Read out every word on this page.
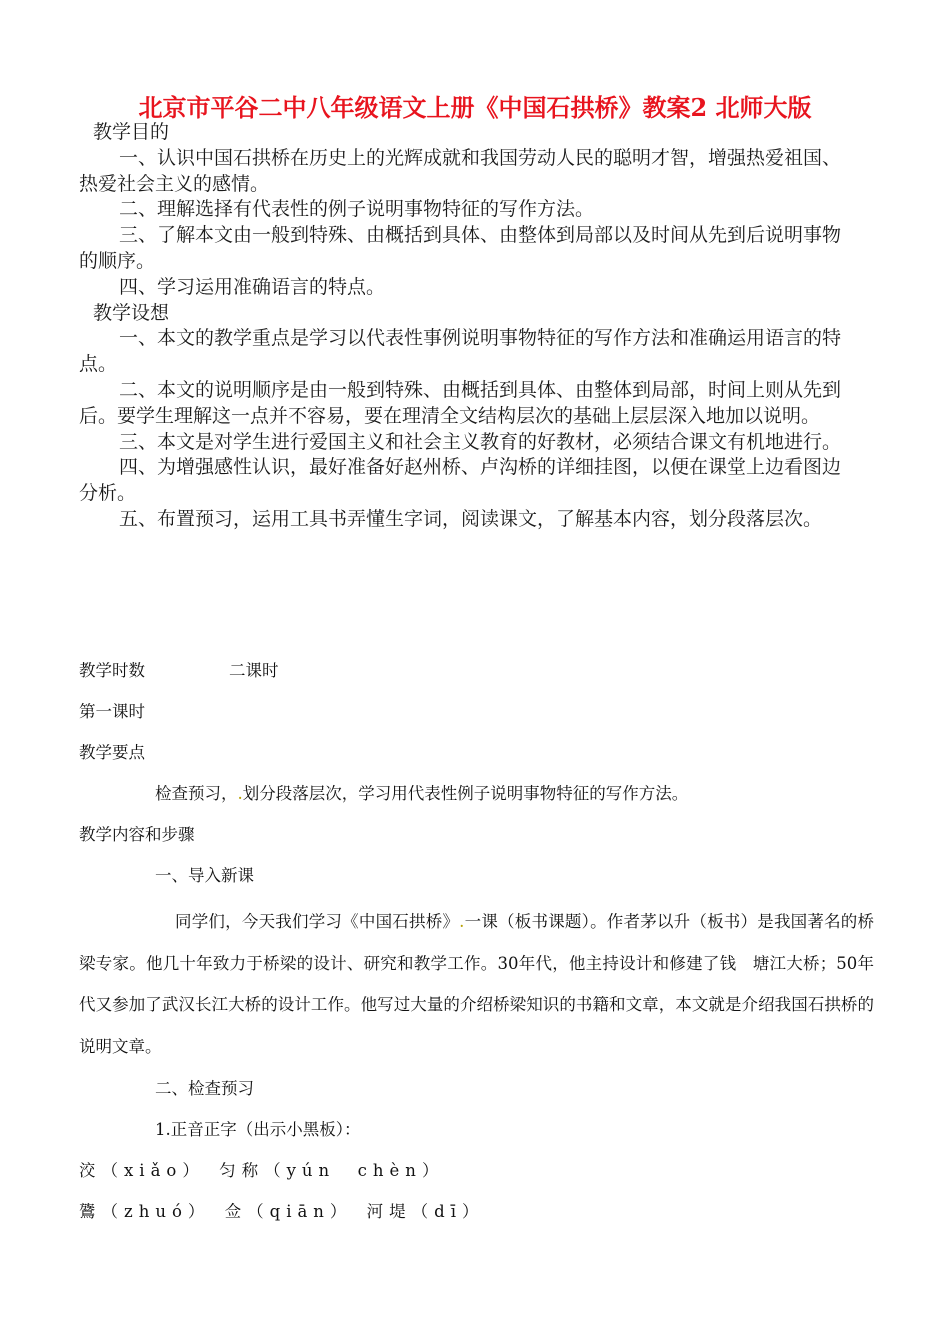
北京市平谷二中八年级语文上册《中国石拱桥》教案2 北师大版

教学目的

一、认识中国石拱桥在历史上的光辉成就和我国劳动人民的聪明才智，增强热爱祖国、热爱社会主义的感情。

二、理解选择有代表性的例子说明事物特征的写作方法。

三、了解本文由一般到特殊、由概括到具体、由整体到局部以及时间从先到后说明事物的顺序。

四、学习运用准确语言的特点。

教学设想

一、本文的教学重点是学习以代表性事例说明事物特征的写作方法和准确运用语言的特点。

二、本文的说明顺序是由一般到特殊、由概括到具体、由整体到局部，时间上则从先到后。要学生理解这一点并不容易，要在理清全文结构层次的基础上层层深入地加以说明。

三、本文是对学生进行爱国主义和社会主义教育的好教材，必须结合课文有机地进行。

四、为增强感性认识，最好准备好赵州桥、卢沟桥的详细挂图，以便在课堂上边看图边分析。

五、布置预习，运用工具书弄懂生字词，阅读课文，了解基本内容，划分段落层次。

教学时数	二课时

第一课时

教学要点

检查预习，.划分段落层次，学习用代表性例子说明事物特征的写作方法。

教学内容和步骤

一、导入新课

同学们，今天我们学习《中国石拱桥》.一课（板书课题）。作者茅以升（板书）是我国著名的桥梁专家。他几十年致力于桥梁的设计、研究和教学工作。30年代，他主持设计和修建了钱 塘江大桥；50年代又参加了武汉长江大桥的设计工作。他写过大量的介绍桥梁知识的书籍和文章，本文就是介绍我国石拱桥的说明文章。

二、检查预习

1.正音正字（出示小黑板）：

洨（xiǎo）　匀称（yún　chèn）

鷟（zhuó）　佥（qiān）　河堤（dī）
